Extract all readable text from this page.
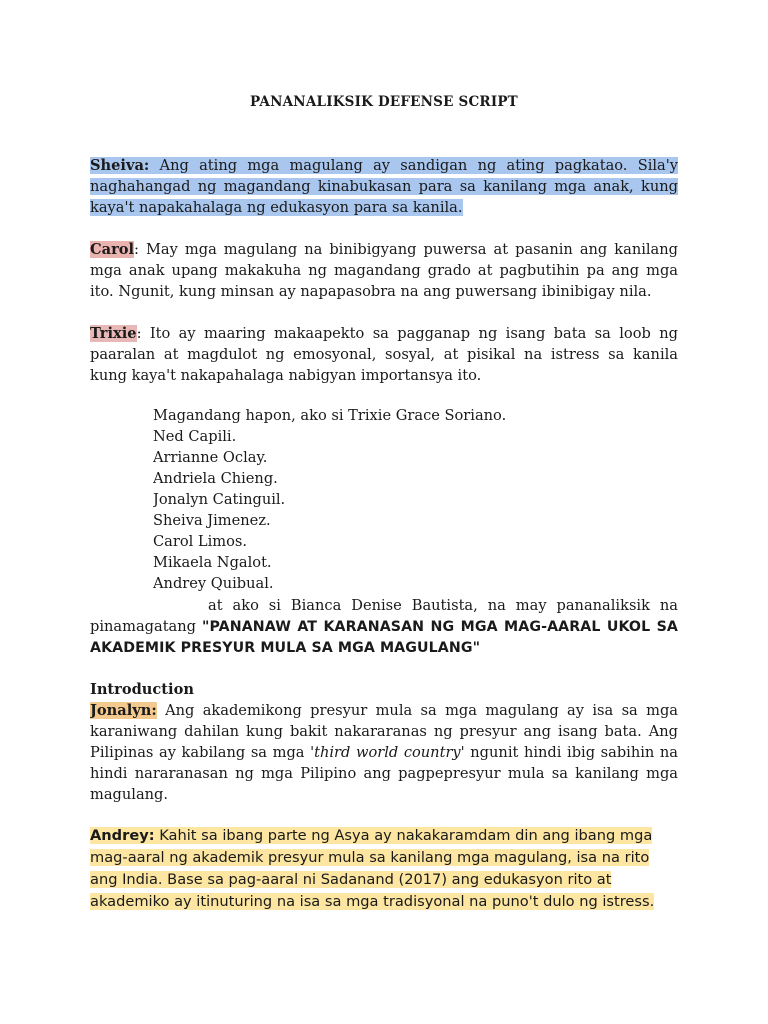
PANANALIKSIK DEFENSE SCRIPT
Sheiva: Ang ating mga magulang ay sandigan ng ating pagkatao. Sila'y
naghahangad ng magandang kinabukasan para sa kanilang mga anak, kung
kaya't napakahalaga ng edukasyon para sa kanila.
Carol: May mga magulang na binibigyang puwersa at pasanin ang kanilang
mga anak upang makakuha ng magandang grado at pagbutihin pa ang mga
ito. Ngunit, kung minsan ay napapasobra na ang puwersang ibinibigay nila.
Trixie: Ito ay maaring makaapekto sa pagganap ng isang bata sa loob ng
paaralan at magdulot ng emosyonal, sosyal, at pisikal na istress sa kanila
kung kaya't nakapahalaga nabigyan importansya ito.
Magandang hapon, ako si Trixie Grace Soriano.
Ned Capili.
Arrianne Oclay.
Andriela Chieng.
Jonalyn Catinguil.
Sheiva Jimenez.
Carol Limos.
Mikaela Ngalot.
Andrey Quibual.
at ako si Bianca Denise Bautista, na may pananaliksik na
pinamagatang "PANANAW AT KARANASAN NG MGA MAG-AARAL UKOL SA
AKADEMIK PRESYUR MULA SA MGA MAGULANG"
Introduction
Jonalyn: Ang akademikong presyur mula sa mga magulang ay isa sa mga
karaniwang dahilan kung bakit nakararanas ng presyur ang isang bata. Ang
Pilipinas ay kabilang sa mga 'third world country' ngunit hindi ibig sabihin na
hindi nararanasan ng mga Pilipino ang pagpepresyur mula sa kanilang mga
magulang.
Andrey: Kahit sa ibang parte ng Asya ay nakakaramdam din ang ibang mga
mag-aaral ng akademik presyur mula sa kanilang mga magulang, isa na rito
ang India. Base sa pag-aaral ni Sadanand (2017) ang edukasyon rito at
akademiko ay itinuturing na isa sa mga tradisyonal na puno't dulo ng istress.
